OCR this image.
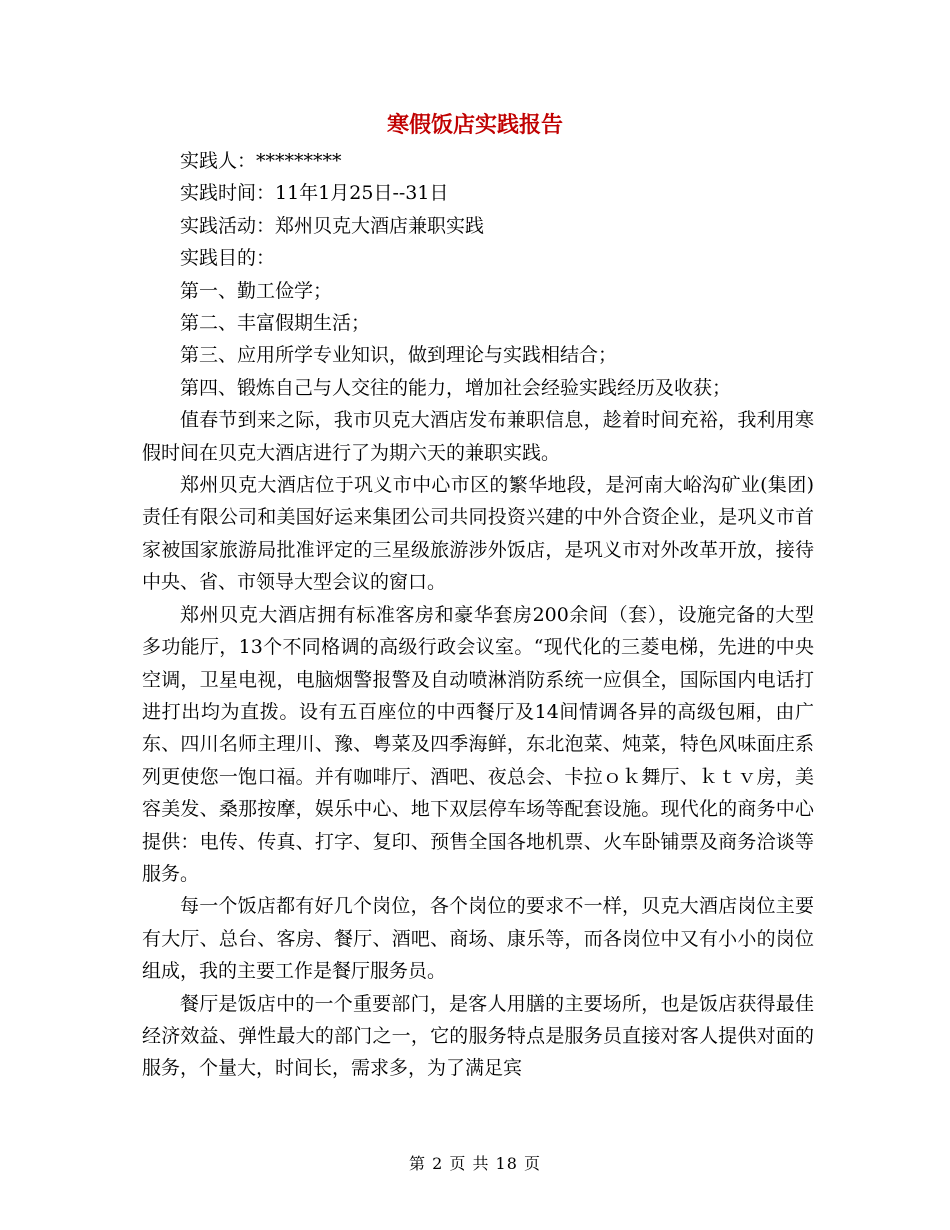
寒假饭店实践报告

实践人：*********

实践时间：11年1月25日--31日

实践活动：郑州贝克大酒店兼职实践

实践目的：

第一、勤工俭学；

第二、丰富假期生活；

第三、应用所学专业知识，做到理论与实践相结合；

第四、锻炼自己与人交往的能力，增加社会经验实践经历及收获；

值春节到来之际，我市贝克大酒店发布兼职信息，趁着时间充裕，我利用寒假时间在贝克大酒店进行了为期六天的兼职实践。

郑州贝克大酒店位于巩义市中心市区的繁华地段，是河南大峪沟矿业(集团) 责任有限公司和美国好运来集团公司共同投资兴建的中外合资企业，是巩义市首家被国家旅游局批准评定的三星级旅游涉外饭店，是巩义市对外改革开放，接待中央、省、市领导大型会议的窗口。

郑州贝克大酒店拥有标准客房和豪华套房200余间（套），设施完备的大型多功能厅，13个不同格调的高级行政会议室。“现代化的三菱电梯，先进的中央空调，卫星电视，电脑烟警报警及自动喷淋消防系统一应俱全，国际国内电话打进打出均为直拨。设有五百座位的中西餐厅及14间情调各异的高级包厢，由广东、四川名师主理川、豫、粤菜及四季海鲜，东北泡菜、炖菜，特色风味面庄系列更使您一饱口福。并有咖啡厅、酒吧、夜总会、卡拉ｏｋ舞厅、ｋｔｖ房，美容美发、桑那按摩，娱乐中心、地下双层停车场等配套设施。现代化的商务中心提供：电传、传真、打字、复印、预售全国各地机票、火车卧铺票及商务洽谈等服务。

每一个饭店都有好几个岗位，各个岗位的要求不一样，贝克大酒店岗位主要有大厅、总台、客房、餐厅、酒吧、商场、康乐等，而各岗位中又有小小的岗位组成，我的主要工作是餐厅服务员。

餐厅是饭店中的一个重要部门，是客人用膳的主要场所，也是饭店获得最佳经济效益、弹性最大的部门之一，它的服务特点是服务员直接对客人提供对面的服务，个量大，时间长，需求多，为了满足宾

第 2 页 共 18 页
